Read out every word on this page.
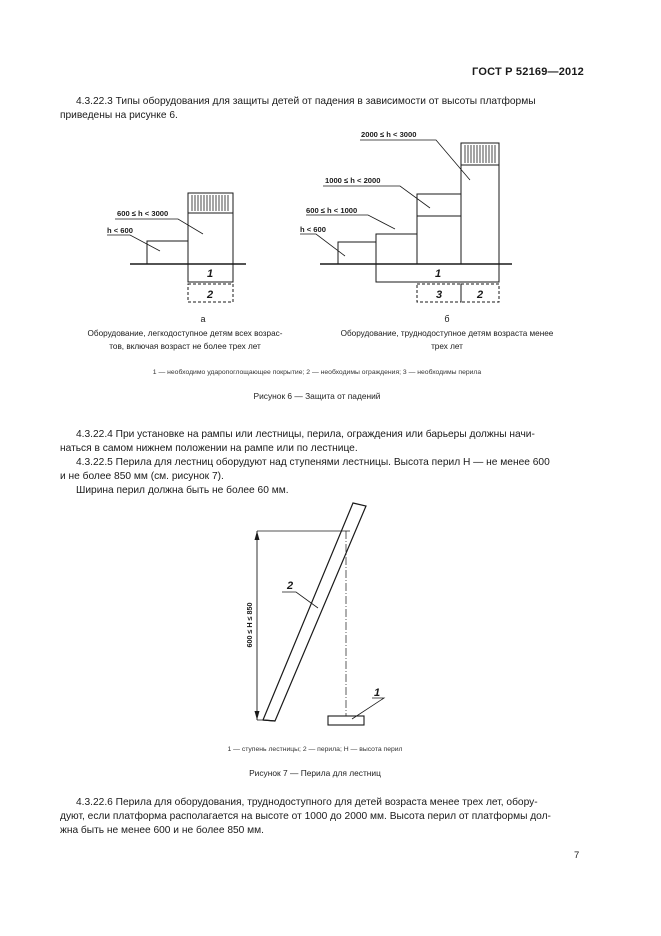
ГОСТ Р 52169—2012
4.3.22.3 Типы оборудования для защиты детей от падения в зависимости от высоты платформы
приведены на рисунке 6.
600 ≤ h < 3000
h < 600
2000 ≤ h < 3000
1000 ≤ h < 2000
600 ≤ h < 1000
h < 600
1
2
1
3	2
а	б
Оборудование, легкодоступное детям всех возрас-
тов, включая возраст не более трех лет
Оборудование, труднодоступное детям возраста менее
трех лет
1 — необходимо ударопоглощающее покрытие; 2 — необходимы ограждения; 3 — необходимы перила
Рисунок 6 — Защита от падений
4.3.22.4 При установке на рампы или лестницы, перила, ограждения или барьеры должны начи-
наться в самом нижнем положении на рампе или по лестнице.
4.3.22.5 Перила для лестниц оборудуют над ступенями лестницы. Высота перил H — не менее 600
и не более 850 мм (см. рисунок 7).
Ширина перил должна быть не более 60 мм.
600 ≤ H ≤ 850
2
1
1 — ступень лестницы; 2 — перила; H — высота перил
Рисунок 7 — Перила для лестниц
4.3.22.6 Перила для оборудования, труднодоступного для детей возраста менее трех лет, обору-
дуют, если платформа располагается на высоте от 1000 до 2000 мм. Высота перил от платформы дол-
жна быть не менее 600 и не более 850 мм.
7
